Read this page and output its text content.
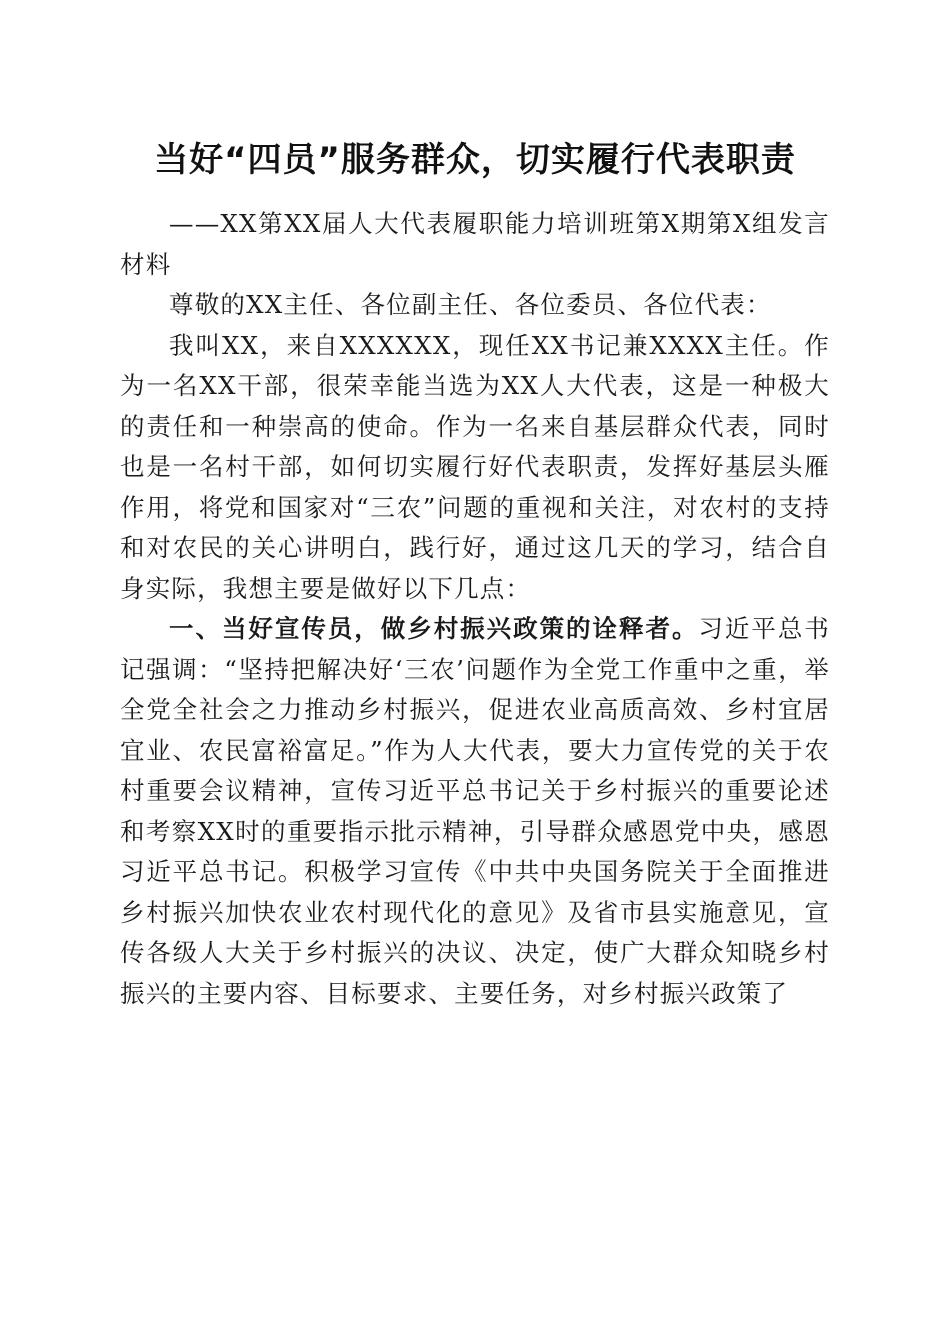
当好“四员”服务群众，切实履行代表职责

——XX第XX届人大代表履职能力培训班第X期第X组发言材料

尊敬的XX主任、各位副主任、各位委员、各位代表：

我叫XX，来自XXXXXX，现任XX书记兼XXXX主任。作为一名XX干部，很荣幸能当选为XX人大代表，这是一种极大的责任和一种崇高的使命。作为一名来自基层群众代表，同时也是一名村干部，如何切实履行好代表职责，发挥好基层头雁作用，将党和国家对“三农”问题的重视和关注，对农村的支持和对农民的关心讲明白，践行好，通过这几天的学习，结合自身实际，我想主要是做好以下几点：

一、当好宣传员，做乡村振兴政策的诠释者。习近平总书记强调：“坚持把解决好‘三农’问题作为全党工作重中之重，举全党全社会之力推动乡村振兴，促进农业高质高效、乡村宜居宜业、农民富裕富足。”作为人大代表，要大力宣传党的关于农村重要会议精神，宣传习近平总书记关于乡村振兴的重要论述和考察XX时的重要指示批示精神，引导群众感恩党中央，感恩习近平总书记。积极学习宣传《中共中央国务院关于全面推进乡村振兴加快农业农村现代化的意见》及省市县实施意见，宣传各级人大关于乡村振兴的决议、决定，使广大群众知晓乡村振兴的主要内容、目标要求、主要任务，对乡村振兴政策了
